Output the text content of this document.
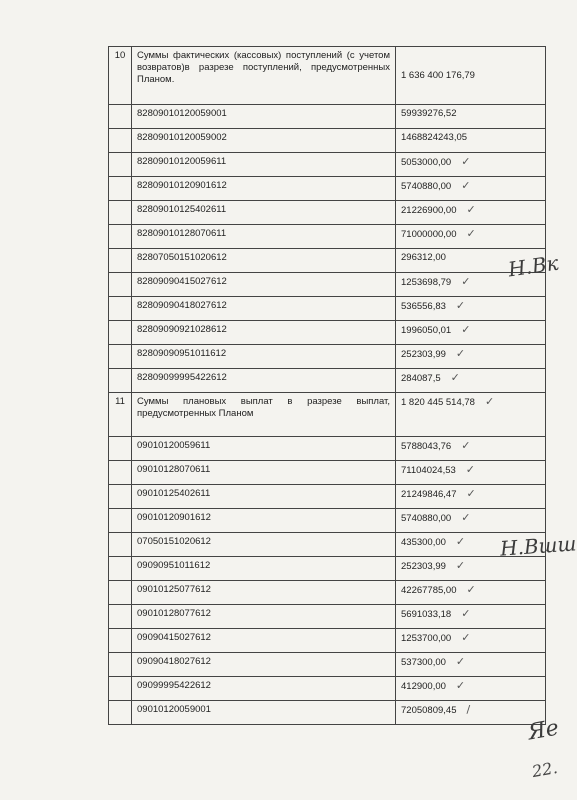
10	Суммы фактических (кассовых) поступлений (с учетом возвратов)в разрезе поступлений, предусмотренных Планом.	1 636 400 176,79
	82809010120059001	59939276,52
	82809010120059002	1468824243,05
	82809010120059611	5053000,00 ✓
	82809010120901612	5740880,00 ✓
	82809010125402611	21226900,00 ✓
	82809010128070611	71000000,00 ✓
	82807050151020612	296312,00
	82809090415027612	1253698,79 ✓
	82809090418027612	536556,83 ✓
	82809090921028612	1996050,01 ✓
	82809090951011612	252303,99 ✓
	82809099995422612	284087,5 ✓
11	Суммы плановых выплат в разрезе выплат, предусмотренных Планом	1 820 445 514,78 ✓
	09010120059611	5788043,76 ✓
	09010128070611	71104024,53 ✓
	09010125402611	21249846,47 ✓
	09010120901612	5740880,00 ✓
	07050151020612	435300,00 ✓
	09090951011612	252303,99 ✓
	09010125077612	42267785,00 ✓
	09010128077612	5691033,18 ✓
	09090415027612	1253700,00 ✓
	09090418027612	537300,00 ✓
	09099995422612	412900,00 ✓
	09010120059001	72050809,45 /
Н.Вк
Н.Вшш
Я​е
22.
